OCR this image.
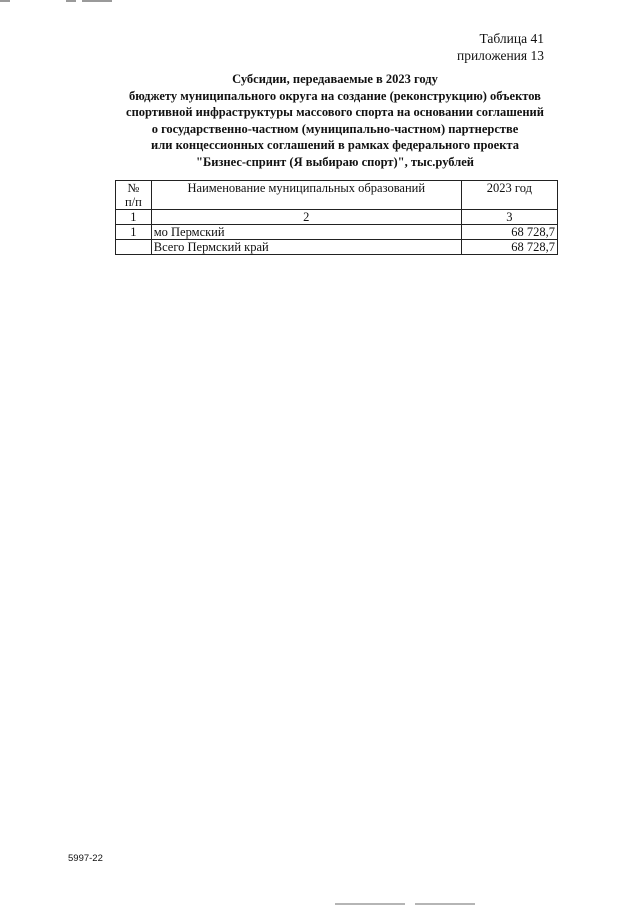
Таблица 41
приложения 13
Субсидии, передаваемые в 2023 году
бюджету муниципального округа на создание (реконструкцию) объектов
спортивной инфраструктуры массового спорта на основании соглашений
о государственно-частном (муниципально-частном) партнерстве
или концессионных соглашений в рамках федерального проекта
"Бизнес-спринт (Я выбираю спорт)", тыс.рублей
№
п/п	Наименование муниципальных образований	2023 год
1	2	3
1	мо Пермский	68 728,7
	Всего Пермский край	68 728,7
5997-22
